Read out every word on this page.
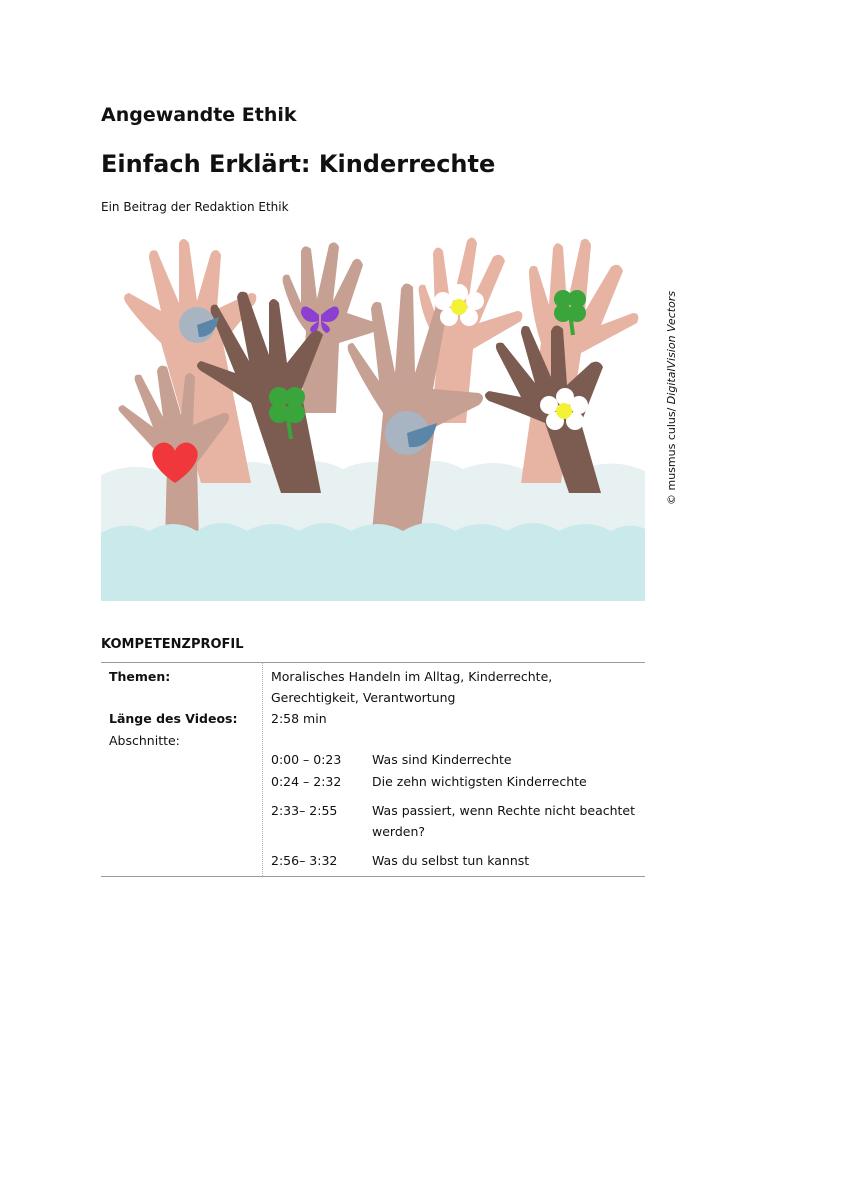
Angewandte Ethik
Einfach Erklärt: Kinderrechte
Ein Beitrag der Redaktion Ethik
© musmus culus/ DigitalVision Vectors
KOMPETENZPROFIL
Themen:	Moralisches Handeln im Alltag, Kinderrechte, Gerechtigkeit, Verantwortung
Länge des Videos:	2:58 min
Abschnitte:
0:00 – 0:23	Was sind Kinderrechte
0:24 – 2:32	Die zehn wichtigsten Kinderrechte
2:33– 2:55	Was passiert, wenn Rechte nicht beachtet werden?
2:56– 3:32	Was du selbst tun kannst
